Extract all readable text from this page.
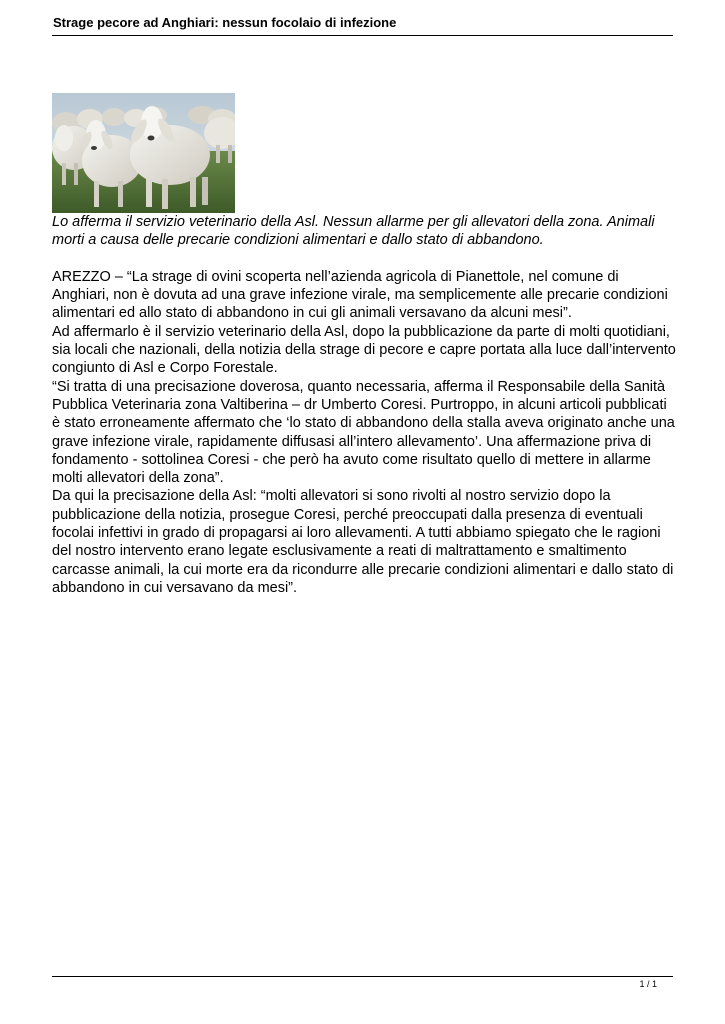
Strage pecore ad Anghiari: nessun focolaio di infezione

Lo afferma il servizio veterinario della Asl. Nessun allarme per gli allevatori della zona. Animali morti a causa delle precarie condizioni alimentari e dallo stato di abbandono.

AREZZO – “La strage di ovini scoperta nell’azienda agricola di Pianettole, nel comune di Anghiari, non è dovuta ad una grave infezione virale, ma semplicemente alle precarie condizioni alimentari ed allo stato di abbandono in cui gli animali versavano da alcuni mesi”.

Ad affermarlo è il servizio veterinario della Asl, dopo la pubblicazione da parte di molti quotidiani, sia locali che nazionali, della notizia della strage di pecore e capre portata alla luce dall’intervento congiunto di Asl e Corpo Forestale.

“Si tratta di una precisazione doverosa, quanto necessaria, afferma il Responsabile della Sanità Pubblica Veterinaria zona Valtiberina – dr Umberto Coresi. Purtroppo, in alcuni articoli pubblicati è stato erroneamente affermato che ‘lo stato di abbandono della stalla aveva originato anche una grave infezione virale, rapidamente diffusasi all’intero allevamento’. Una affermazione priva di fondamento - sottolinea Coresi - che però ha avuto come risultato quello di mettere in allarme molti allevatori della zona”.

Da qui la precisazione della Asl: “molti allevatori si sono rivolti al nostro servizio dopo la pubblicazione della notizia, prosegue Coresi, perché preoccupati dalla presenza di eventuali focolai infettivi in grado di propagarsi ai loro allevamenti. A tutti abbiamo spiegato che le ragioni del nostro intervento erano legate esclusivamente a reati di maltrattamento e smaltimento carcasse animali, la cui morte era da ricondurre alle precarie condizioni alimentari e dallo stato di abbandono in cui versavano da mesi”.

1 / 1
